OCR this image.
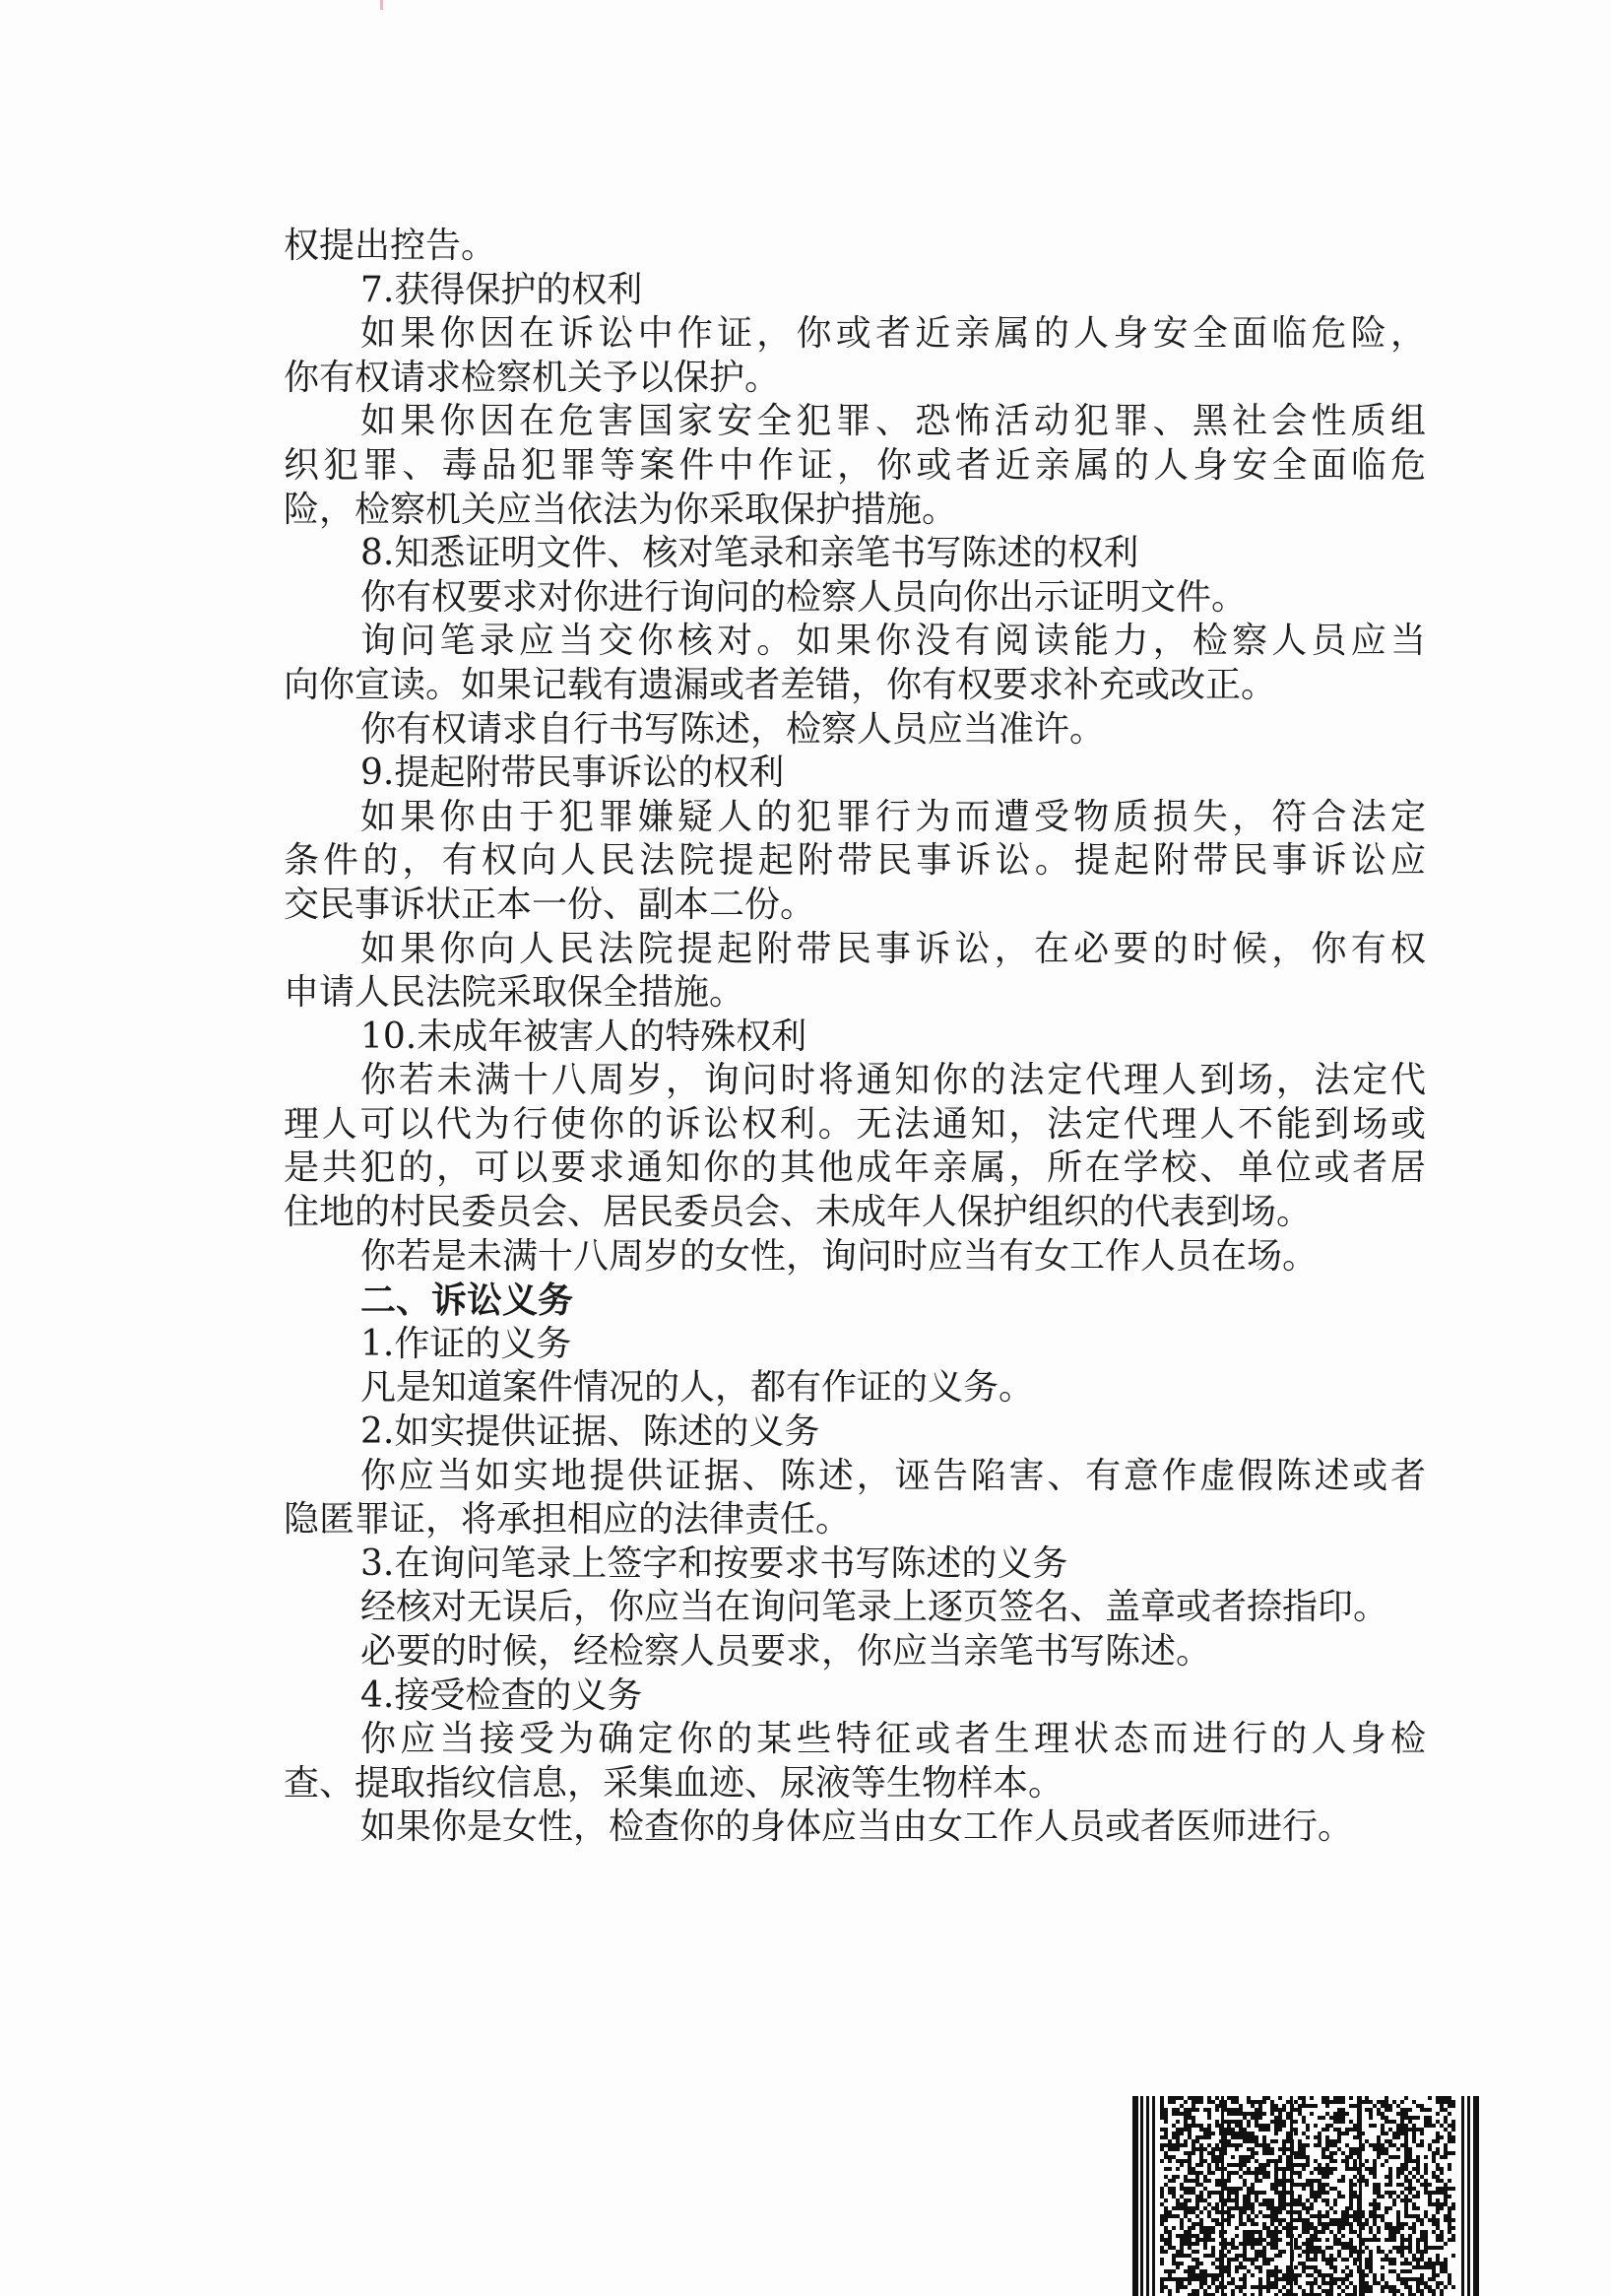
权提出控告。
7.获得保护的权利
如果你因在诉讼中作证，你或者近亲属的人身安全面临危险，
你有权请求检察机关予以保护。
如果你因在危害国家安全犯罪、恐怖活动犯罪、黑社会性质组
织犯罪、毒品犯罪等案件中作证，你或者近亲属的人身安全面临危
险，检察机关应当依法为你采取保护措施。
8.知悉证明文件、核对笔录和亲笔书写陈述的权利
你有权要求对你进行询问的检察人员向你出示证明文件。
询问笔录应当交你核对。如果你没有阅读能力，检察人员应当
向你宣读。如果记载有遗漏或者差错，你有权要求补充或改正。
你有权请求自行书写陈述，检察人员应当准许。
9.提起附带民事诉讼的权利
如果你由于犯罪嫌疑人的犯罪行为而遭受物质损失，符合法定
条件的，有权向人民法院提起附带民事诉讼。提起附带民事诉讼应
交民事诉状正本一份、副本二份。
如果你向人民法院提起附带民事诉讼，在必要的时候，你有权
申请人民法院采取保全措施。
10.未成年被害人的特殊权利
你若未满十八周岁，询问时将通知你的法定代理人到场，法定代
理人可以代为行使你的诉讼权利。无法通知，法定代理人不能到场或
是共犯的，可以要求通知你的其他成年亲属，所在学校、单位或者居
住地的村民委员会、居民委员会、未成年人保护组织的代表到场。
你若是未满十八周岁的女性，询问时应当有女工作人员在场。
二、诉讼义务
1.作证的义务
凡是知道案件情况的人，都有作证的义务。
2.如实提供证据、陈述的义务
你应当如实地提供证据、陈述，诬告陷害、有意作虚假陈述或者
隐匿罪证，将承担相应的法律责任。
3.在询问笔录上签字和按要求书写陈述的义务
经核对无误后，你应当在询问笔录上逐页签名、盖章或者捺指印。
必要的时候，经检察人员要求，你应当亲笔书写陈述。
4.接受检查的义务
你应当接受为确定你的某些特征或者生理状态而进行的人身检
查、提取指纹信息，采集血迹、尿液等生物样本。
如果你是女性，检查你的身体应当由女工作人员或者医师进行。
